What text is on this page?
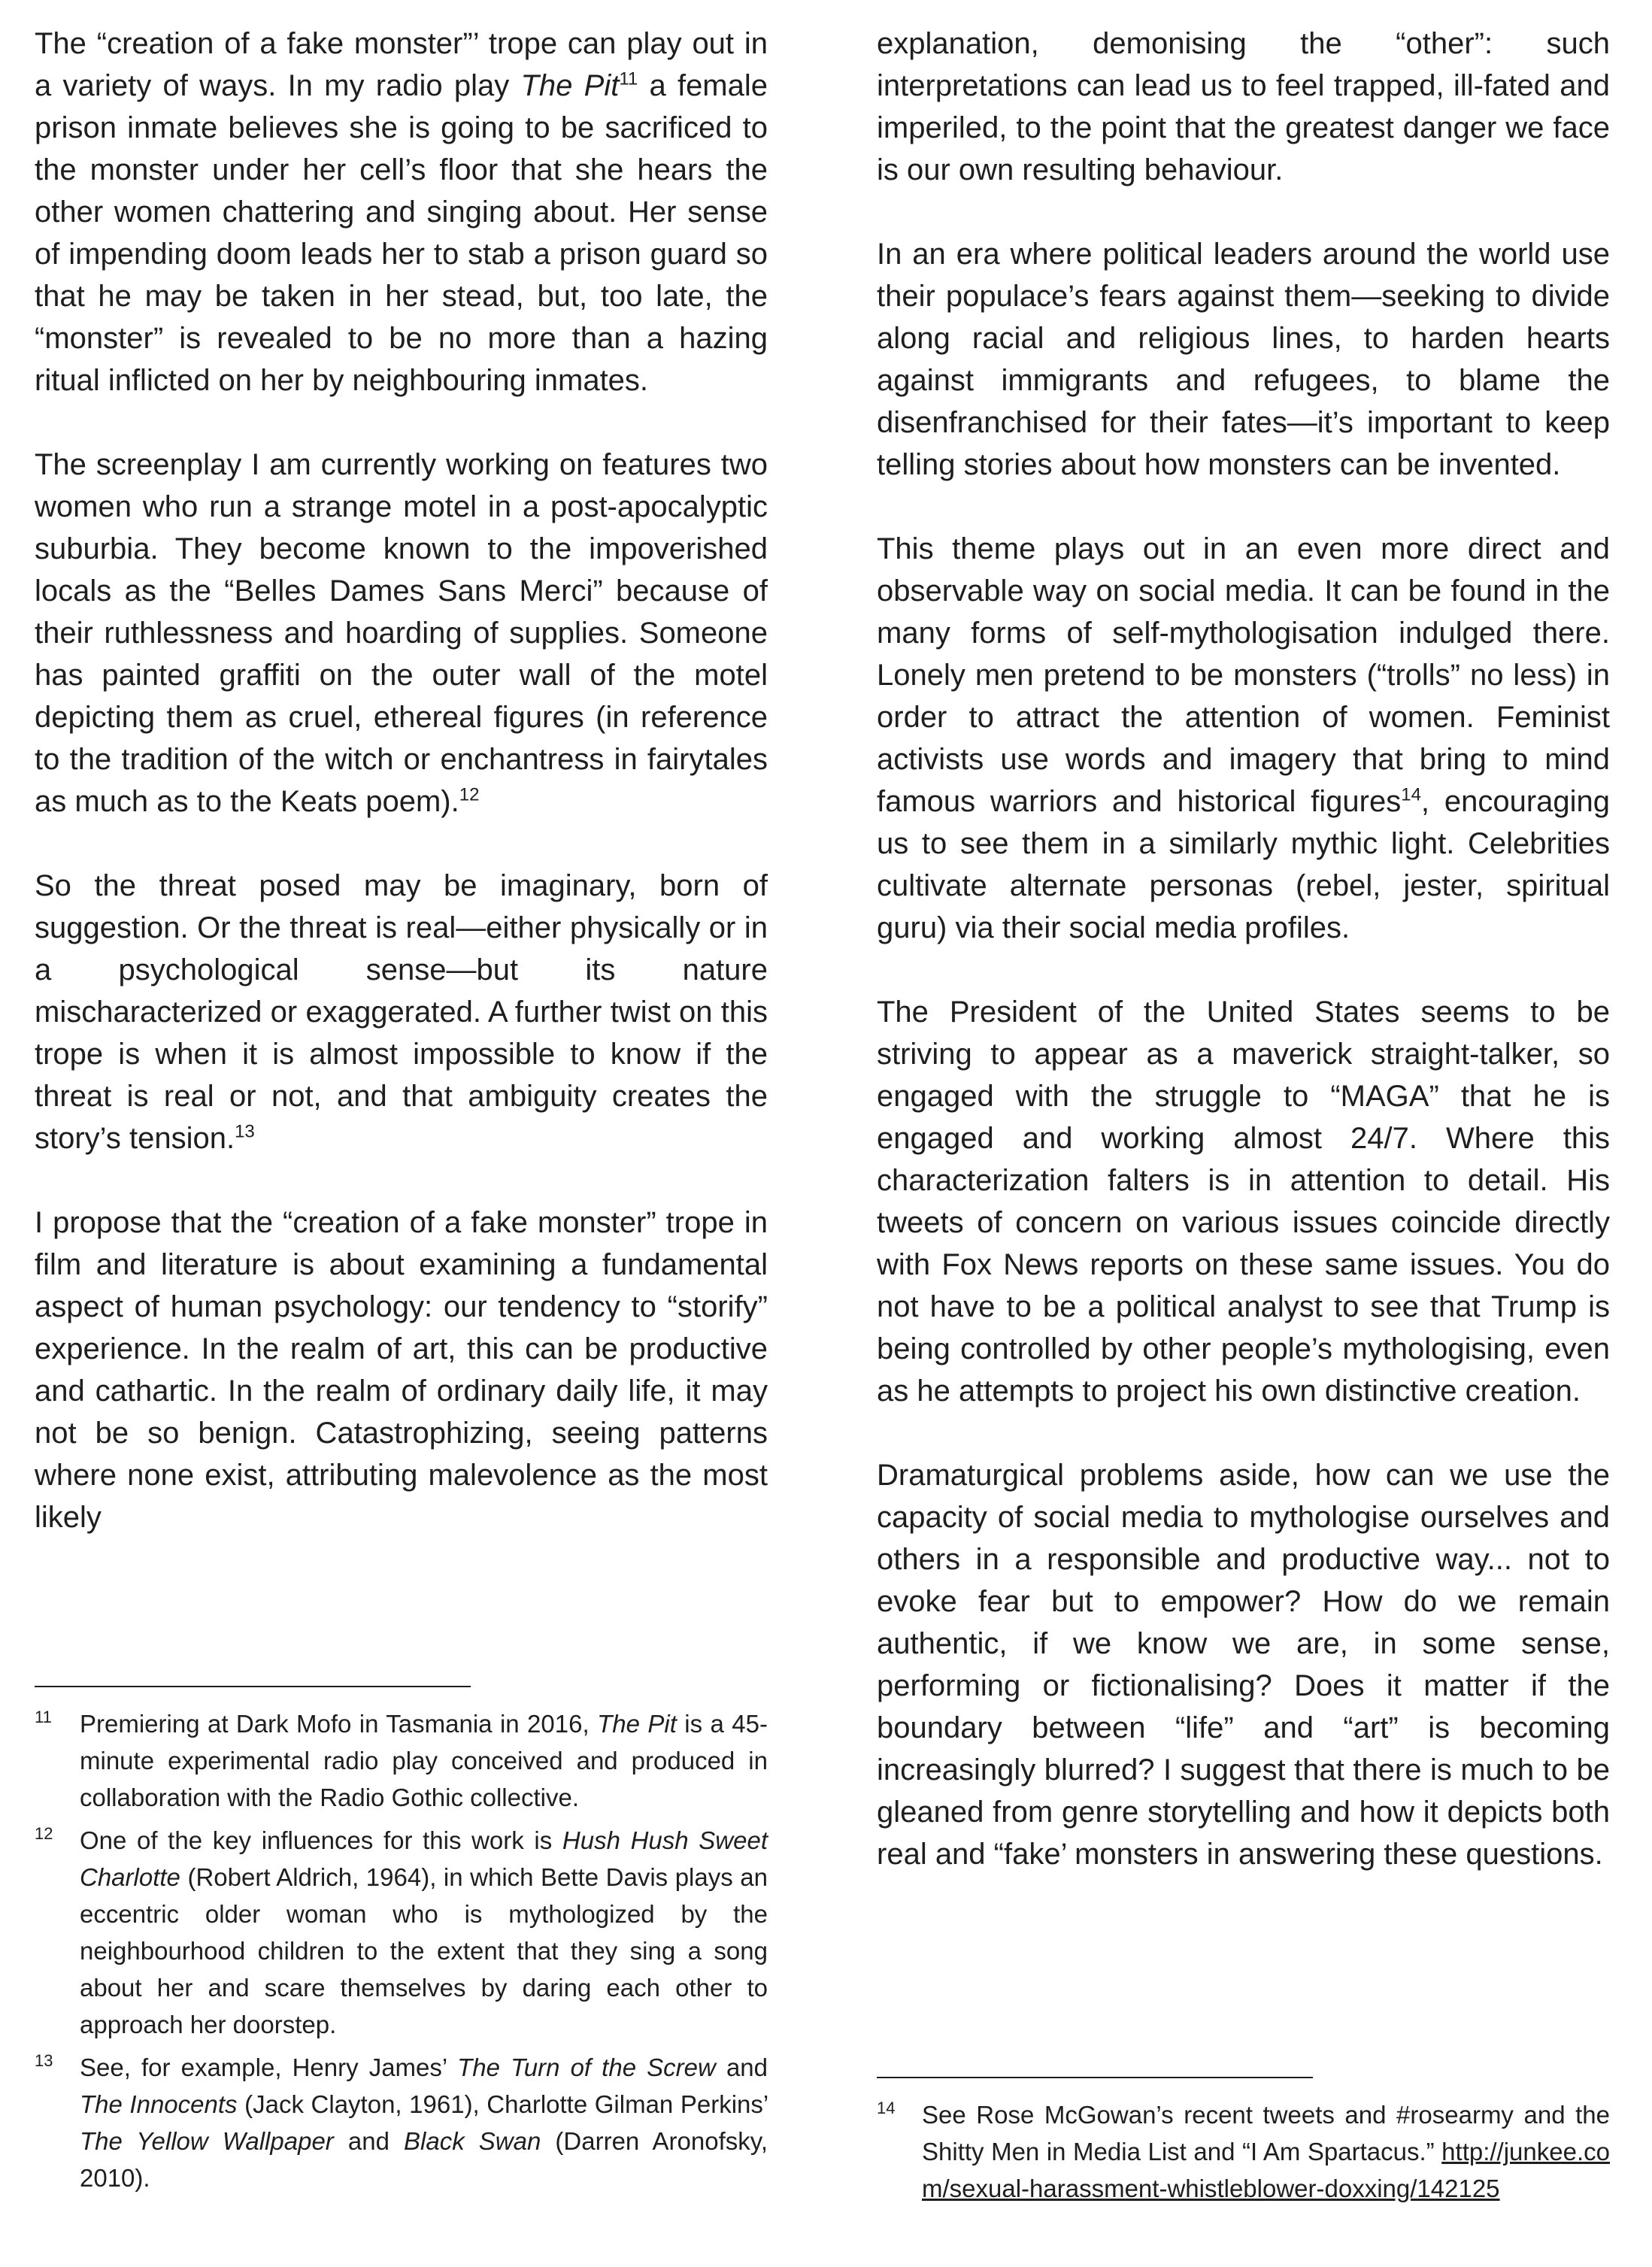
The “creation of a fake monster”’ trope can play out in a variety of ways. In my radio play The Pit$^{11}$ a female prison inmate believes she is going to be sacrificed to the monster under her cell’s floor that she hears the other women chattering and singing about. Her sense of impending doom leads her to stab a prison guard so that he may be taken in her stead, but, too late, the “monster” is revealed to be no more than a hazing ritual inflicted on her by neighbouring inmates.

The screenplay I am currently working on features two women who run a strange motel in a post-apocalyptic suburbia. They become known to the impoverished locals as the “Belles Dames Sans Merci” because of their ruthlessness and hoarding of supplies. Someone has painted graffiti on the outer wall of the motel depicting them as cruel, ethereal figures (in reference to the tradition of the witch or enchantress in fairytales as much as to the Keats poem).$^{12}$

So the threat posed may be imaginary, born of suggestion. Or the threat is real—either physically or in a psychological sense—but its nature mischaracterized or exaggerated. A further twist on this trope is when it is almost impossible to know if the threat is real or not, and that ambiguity creates the story’s tension.$^{13}$

I propose that the “creation of a fake monster” trope in film and literature is about examining a fundamental aspect of human psychology: our tendency to “storify” experience. In the realm of art, this can be productive and cathartic. In the realm of ordinary daily life, it may not be so benign. Catastrophizing, seeing patterns where none exist, attributing malevolence as the most likely

11 Premiering at Dark Mofo in Tasmania in 2016, The Pit is a 45-minute experimental radio play conceived and produced in collaboration with the Radio Gothic collective.
12 One of the key influences for this work is Hush Hush Sweet Charlotte (Robert Aldrich, 1964), in which Bette Davis plays an eccentric older woman who is mythologized by the neighbourhood children to the extent that they sing a song about her and scare themselves by daring each other to approach her doorstep.
13 See, for example, Henry James’ The Turn of the Screw and The Innocents (Jack Clayton, 1961), Charlotte Gilman Perkins’ The Yellow Wallpaper and Black Swan (Darren Aronofsky, 2010).

explanation, demonising the “other”: such interpretations can lead us to feel trapped, ill-fated and imperiled, to the point that the greatest danger we face is our own resulting behaviour.

In an era where political leaders around the world use their populace’s fears against them—seeking to divide along racial and religious lines, to harden hearts against immigrants and refugees, to blame the disenfranchised for their fates—it’s important to keep telling stories about how monsters can be invented.

This theme plays out in an even more direct and observable way on social media. It can be found in the many forms of self-mythologisation indulged there. Lonely men pretend to be monsters (“trolls” no less) in order to attract the attention of women. Feminist activists use words and imagery that bring to mind famous warriors and historical figures$^{14}$, encouraging us to see them in a similarly mythic light. Celebrities cultivate alternate personas (rebel, jester, spiritual guru) via their social media profiles.

The President of the United States seems to be striving to appear as a maverick straight-talker, so engaged with the struggle to “MAGA” that he is engaged and working almost 24/7. Where this characterization falters is in attention to detail. His tweets of concern on various issues coincide directly with Fox News reports on these same issues. You do not have to be a political analyst to see that Trump is being controlled by other people’s mythologising, even as he attempts to project his own distinctive creation.

Dramaturgical problems aside, how can we use the capacity of social media to mythologise ourselves and others in a responsible and productive way... not to evoke fear but to empower? How do we remain authentic, if we know we are, in some sense, performing or fictionalising? Does it matter if the boundary between “life” and “art” is becoming increasingly blurred? I suggest that there is much to be gleaned from genre storytelling and how it depicts both real and “fake’ monsters in answering these questions.

14 See Rose McGowan’s recent tweets and #rosearmy and the Shitty Men in Media List and “I Am Spartacus.” http://junkee.com/sexual-harassment-whistleblower-doxxing/142125
